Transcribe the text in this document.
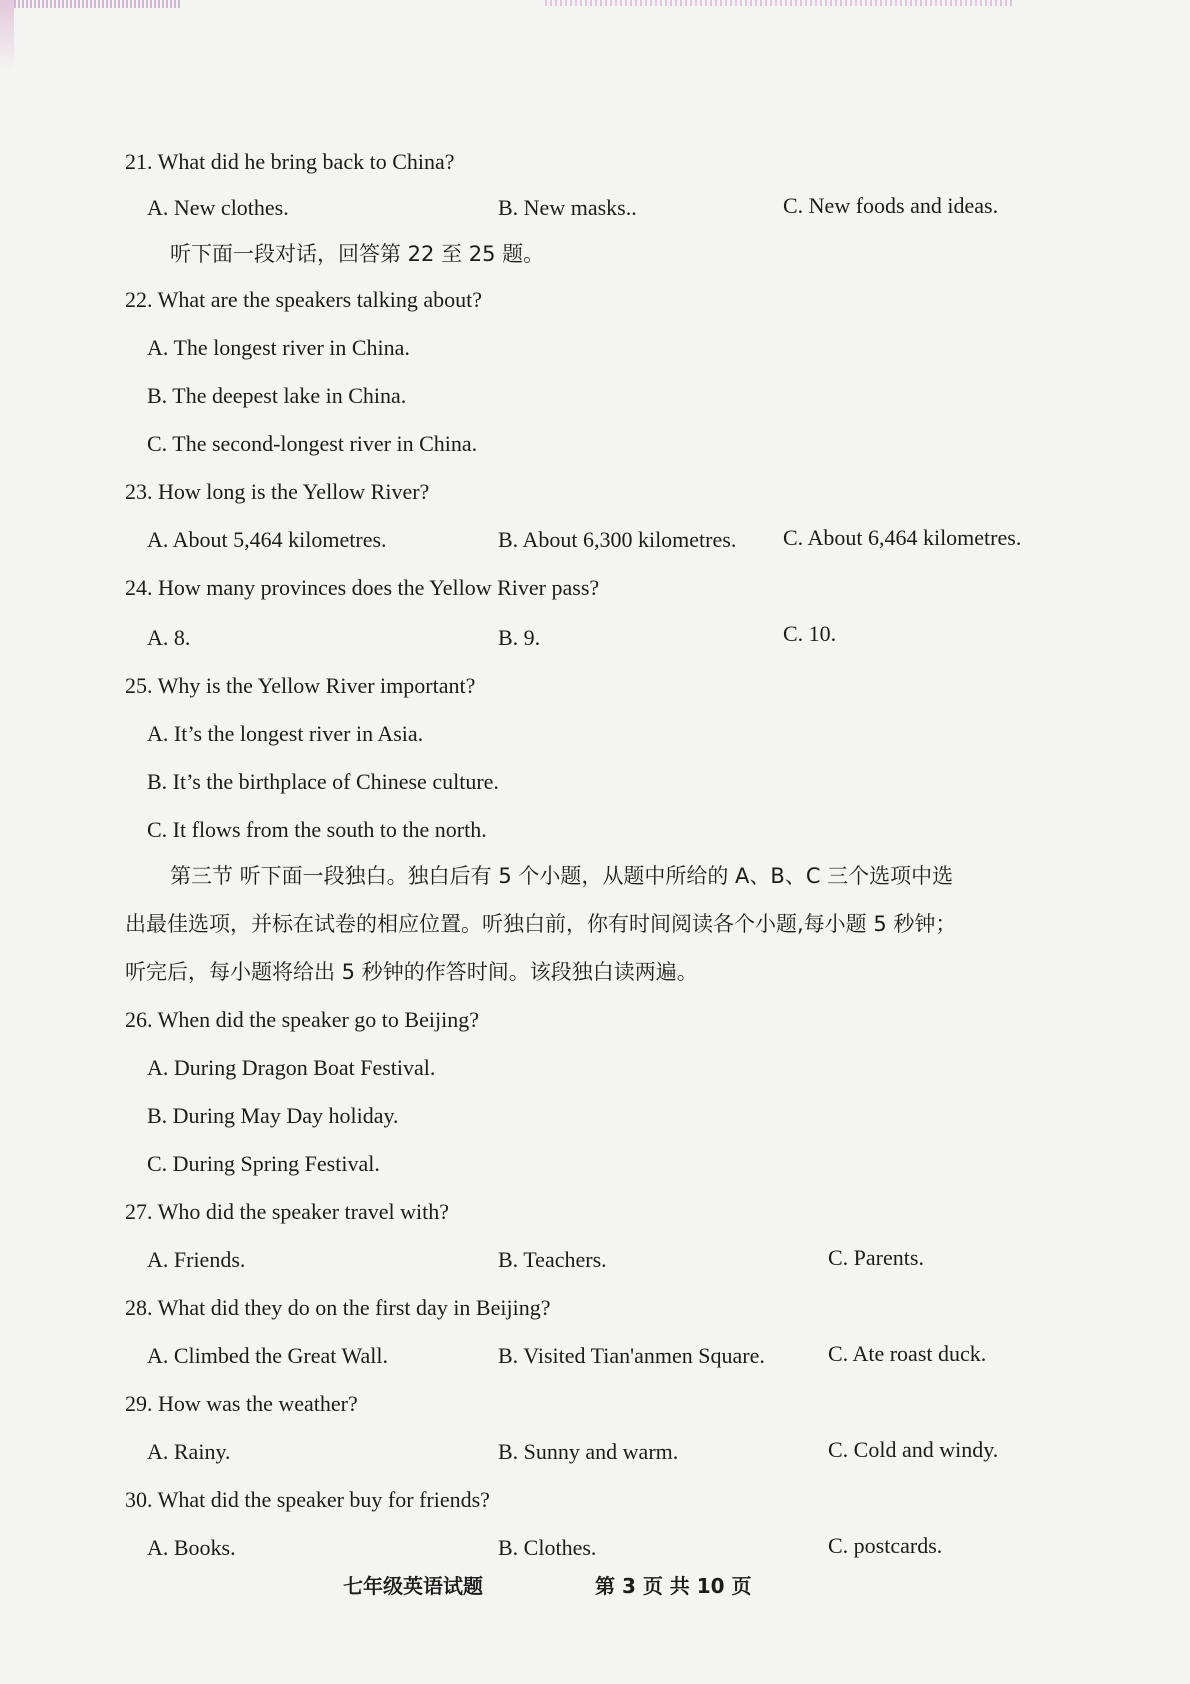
21. What did he bring back to China?
A. New clothes.	B. New masks..	C. New foods and ideas.
听下面一段对话，回答第 22 至 25 题。
22. What are the speakers talking about?
A. The longest river in China.
B. The deepest lake in China.
C. The second-longest river in China.
23. How long is the Yellow River?
A. About 5,464 kilometres.	B. About 6,300 kilometres. C. About 6,464 kilometres.
24. How many provinces does the Yellow River pass?
A. 8.	B. 9.	C. 10.
25. Why is the Yellow River important?
A. It’s the longest river in Asia.
B. It’s the birthplace of Chinese culture.
C. It flows from the south to the north.
第三节 听下面一段独白。独白后有 5 个小题，从题中所给的 A、B、C 三个选项中选
出最佳选项，并标在试卷的相应位置。听独白前，你有时间阅读各个小题,每小题 5 秒钟；
听完后，每小题将给出 5 秒钟的作答时间。该段独白读两遍。
26. When did the speaker go to Beijing?
A. During Dragon Boat Festival.
B. During May Day holiday.
C. During Spring Festival.
27. Who did the speaker travel with?
A. Friends.	B. Teachers.	C. Parents.
28. What did they do on the first day in Beijing?
A. Climbed the Great Wall.	B. Visited Tian'anmen Square.	C. Ate roast duck.
29. How was the weather?
A. Rainy.	B. Sunny and warm.	C. Cold and windy.
30. What did the speaker buy for friends?
A. Books.	B. Clothes.	C. postcards.
七年级英语试题	第 3 页 共 10 页
